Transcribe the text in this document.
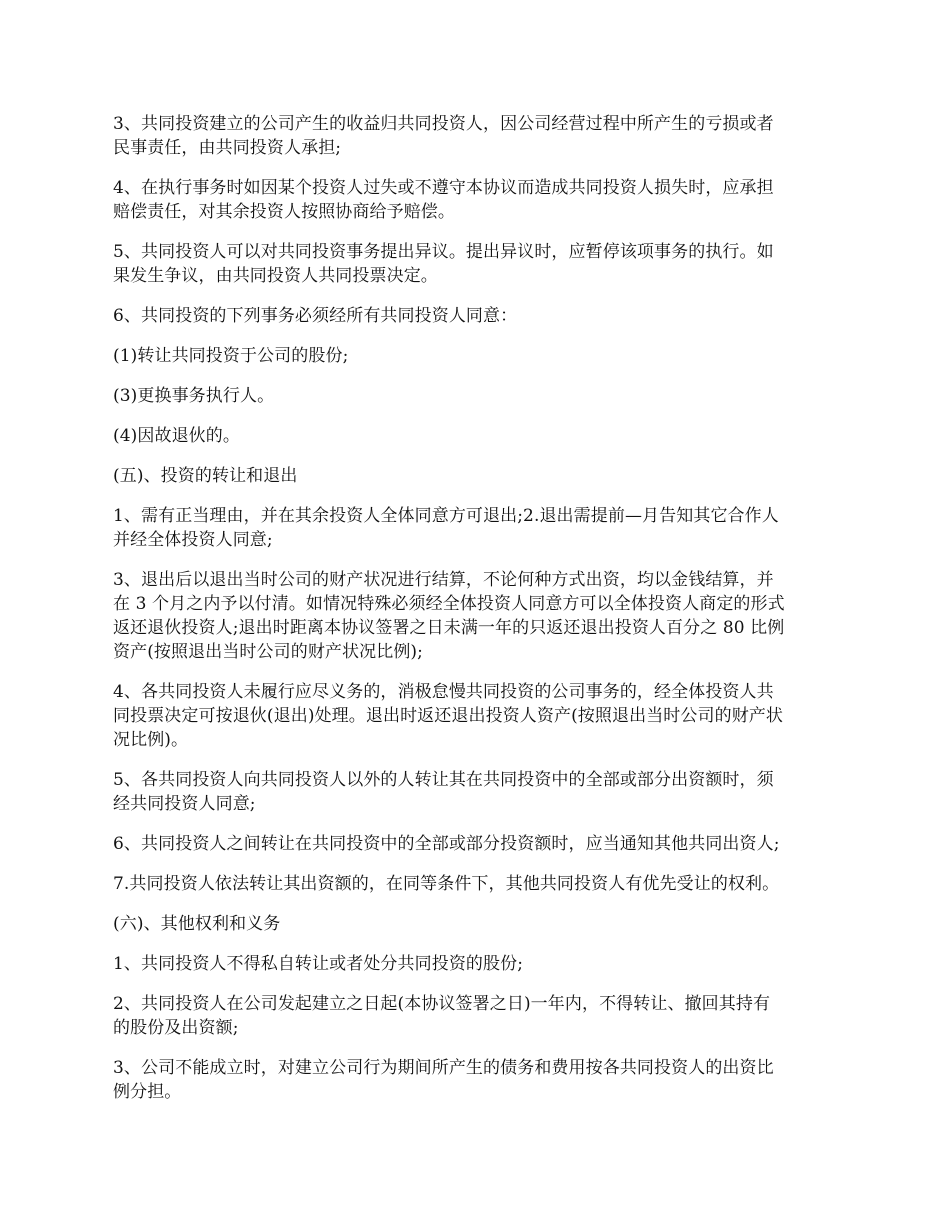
3、共同投资建立的公司产生的收益归共同投资人，因公司经营过程中所产生的亏损或者
民事责任，由共同投资人承担;

4、在执行事务时如因某个投资人过失或不遵守本协议而造成共同投资人损失时，应承担
赔偿责任，对其余投资人按照协商给予赔偿。

5、共同投资人可以对共同投资事务提出异议。提出异议时，应暂停该项事务的执行。如
果发生争议，由共同投资人共同投票决定。

6、共同投资的下列事务必须经所有共同投资人同意：

(1)转让共同投资于公司的股份;

(3)更换事务执行人。

(4)因故退伙的。

(五)、投资的转让和退出

1、需有正当理由，并在其余投资人全体同意方可退出;2.退出需提前—月告知其它合作人
并经全体投资人同意;

3、退出后以退出当时公司的财产状况进行结算，不论何种方式出资，均以金钱结算，并
在 3 个月之内予以付清。如情况特殊必须经全体投资人同意方可以全体投资人商定的形式
返还退伙投资人;退出时距离本协议签署之日未满一年的只返还退出投资人百分之 80 比例
资产(按照退出当时公司的财产状况比例);

4、各共同投资人未履行应尽义务的，消极怠慢共同投资的公司事务的，经全体投资人共
同投票决定可按退伙(退出)处理。退出时返还退出投资人资产(按照退出当时公司的财产状
况比例)。

5、各共同投资人向共同投资人以外的人转让其在共同投资中的全部或部分出资额时，须
经共同投资人同意;

6、共同投资人之间转让在共同投资中的全部或部分投资额时，应当通知其他共同出资人;

7.共同投资人依法转让其出资额的，在同等条件下，其他共同投资人有优先受让的权利。

(六)、其他权利和义务

1、共同投资人不得私自转让或者处分共同投资的股份;

2、共同投资人在公司发起建立之日起(本协议签署之日)一年内，不得转让、撤回其持有
的股份及出资额;

3、公司不能成立时，对建立公司行为期间所产生的债务和费用按各共同投资人的出资比
例分担。
